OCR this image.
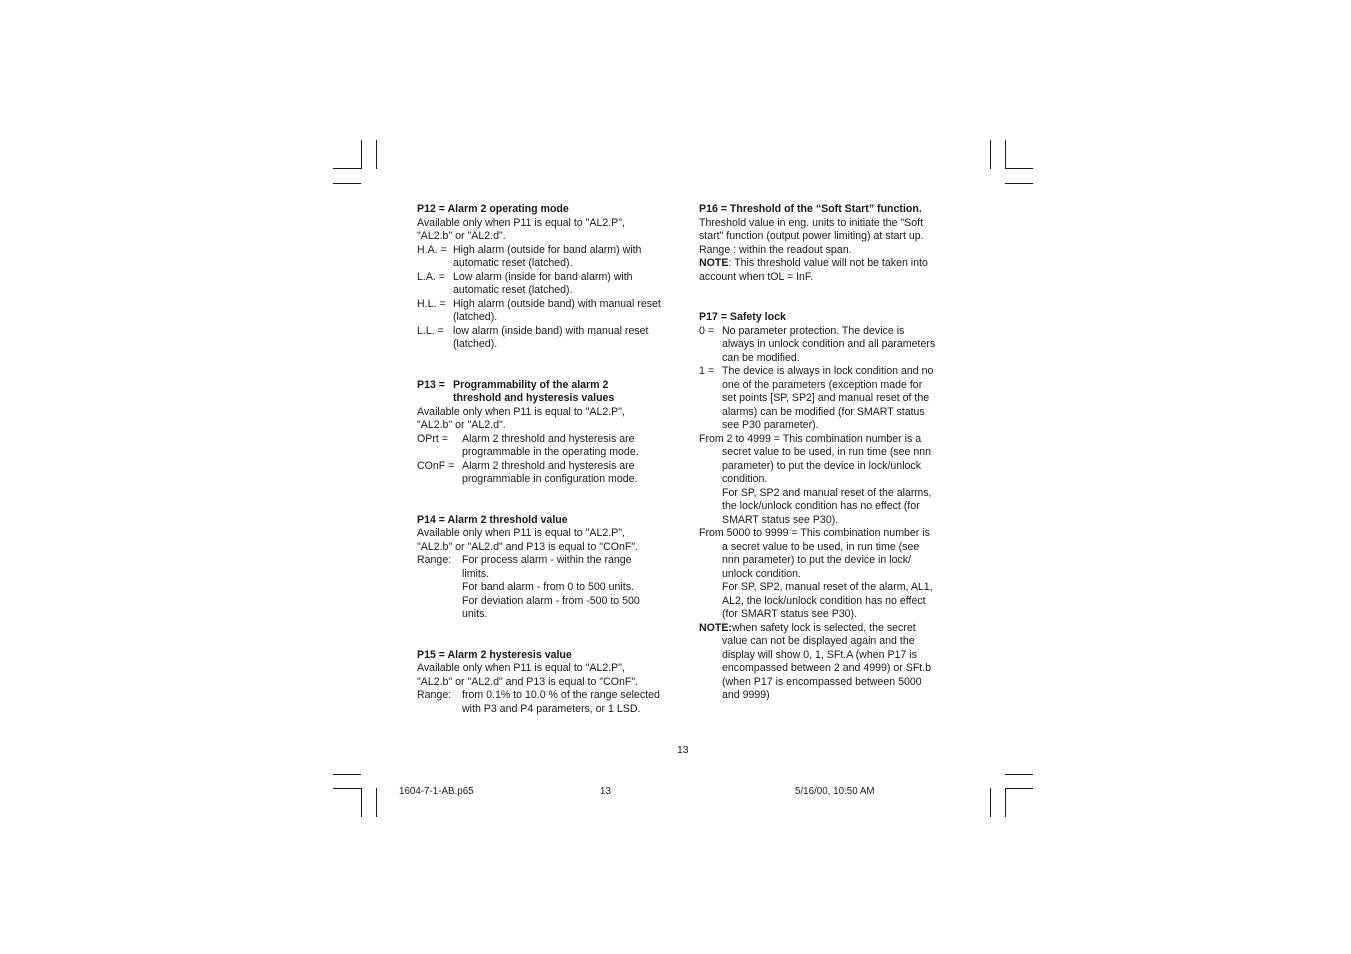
P12 = Alarm 2 operating mode

Available only when P11 is equal to "AL2.P",

"AL2.b" or "AL2.d".

H.A. = High alarm (outside for band alarm) with

automatic reset (latched).

L.A. = Low alarm (inside for band alarm) with

automatic reset (latched).

H.L. = High alarm (outside band) with manual reset

(latched).

L.L. = low alarm (inside band) with manual reset

(latched).

P13 = Programmability of the alarm 2

threshold and hysteresis values

Available only when P11 is equal to "AL2.P",

"AL2.b" or "AL2.d".

OPrt =	Alarm 2 threshold and hysteresis are

programmable in the operating mode.

COnF = Alarm 2 threshold and hysteresis are

programmable in configuration mode.

P14 = Alarm 2 threshold value

Available only when P11 is equal to "AL2.P",

"AL2.b" or "AL2.d" and P13 is equal to "COnF".

Range:	For process alarm - within the range

limits.

For band alarm - from 0 to 500 units.

For deviation alarm - from -500 to 500

units.

P15 = Alarm 2 hysteresis value

Available only when P11 is equal to "AL2.P",

"AL2.b" or "AL2.d" and P13 is equal to "COnF".

Range:	from 0.1% to 10.0 % of the range selected

with P3 and P4 parameters, or 1 LSD.

P16 = Threshold of the “Soft Start” function.

Threshold value in eng. units to initiate the "Soft

start" function (output power limiting) at start up.

Range : within the readout span.

NOTE: This threshold value will not be taken into

account when tOL = InF.

P17 = Safety lock
0 = No parameter protection. The device is

always in unlock condition and all parameters

can be modified.

1 = The device is always in lock condition and no

one of the parameters (exception made for

set points [SP, SP2] and manual reset of the

alarms) can be modified (for SMART status

see P30 parameter).

From 2 to 4999 = This combination number is a

secret value to be used, in run time (see nnn

parameter) to put the device in lock/unlock

condition.

For SP, SP2 and manual reset of the alarms,

the lock/unlock condition has no effect (for

SMART status see P30).

From 5000 to 9999 = This combination number is

a secret value to be used, in run time (see

nnn parameter) to put the device in lock/

unlock condition.

For SP, SP2, manual reset of the alarm, AL1,

AL2, the lock/unlock condition has no effect

(for SMART status see P30).

NOTE:when safety lock is selected, the secret

value can not be displayed again and the

display will show 0, 1, SFt.A (when P17 is

encompassed between 2 and 4999) or SFt.b

(when P17 is encompassed between 5000

and 9999)

13
1604-7-1-AB.p65	13	5/16/00, 10:50 AM
